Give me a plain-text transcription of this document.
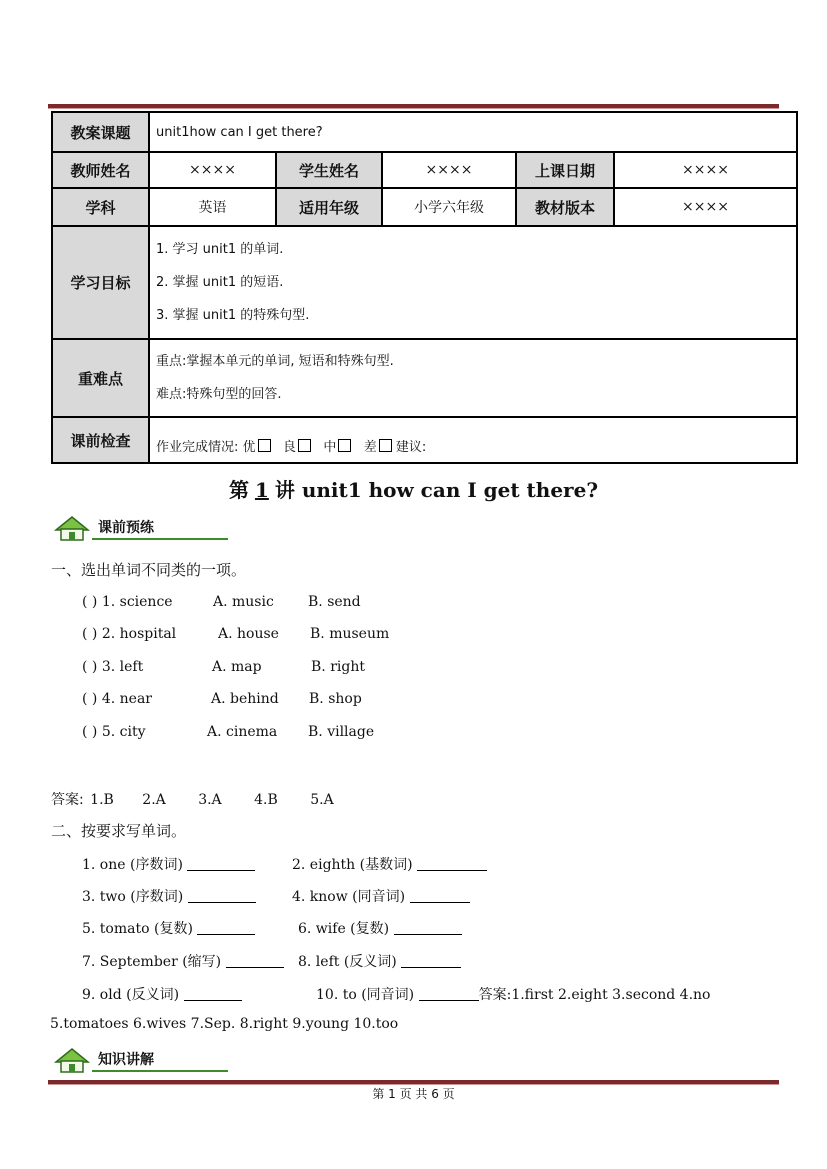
教案课题	unit1how can I get there?				
教师姓名	××××	学生姓名	××××	上课日期	××××
学科	英语	适用年级	小学六年级	教材版本	××××
学习目标	1. 学习 unit1 的单词.

2. 掌握 unit1 的短语.

3. 掌握 unit1 的特殊句型.				

重难点	重点:掌握本单元的单词, 短语和特殊句型.

难点:特殊句型的回答.				

课前检查	作业完成情况: 优 良 中 差 建议:				
第 1 讲 unit1 how can I get there?
课前预练
一、选出单词不同类的一项。
( ) 1. science	A. music B. send
( ) 2. hospital	A. house B. museum
( ) 3. left	A. map	B. right
( ) 4. near	A. behind B. shop
( ) 5. city	A. cinema B. village
答案: 1.B 2.A 3.A 4.B 5.A
二、按要求写单词。
1. one (序数词)	2. eighth (基数词)
3. two (序数词)	4. know (同音词)
5. tomato (复数)	6. wife (复数)
7. September (缩写)	8. left (反义词)
9. old (反义词)	10. to (同音词)	答案:1.first 2.eight 3.second 4.no
5.tomatoes 6.wives 7.Sep. 8.right 9.young 10.too
知识讲解
第 1 页 共 6 页
